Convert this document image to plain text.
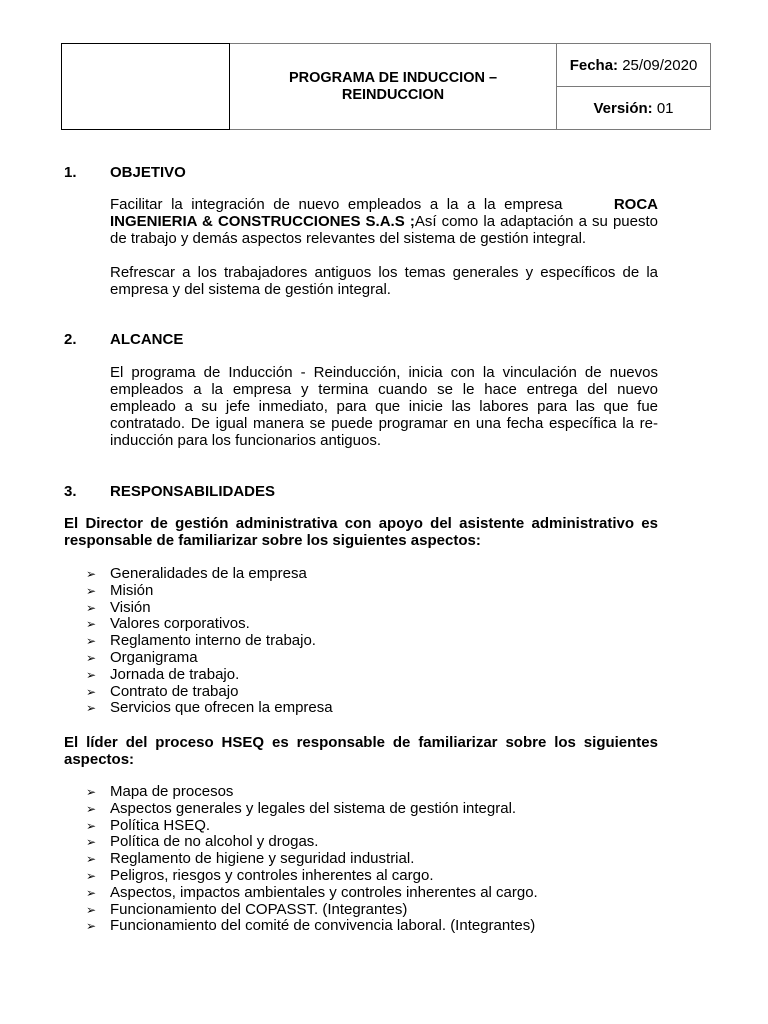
	PROGRAMA DE INDUCCION –
REINDUCCION	Fecha: 25/09/2020
Versión: 01
1. OBJETIVO

Facilitar la integración de nuevo empleados a la a la empresa	ROCA INGENIERIA & CONSTRUCCIONES S.A.S ;Así como la adaptación a su puesto de trabajo y demás aspectos relevantes del sistema de gestión integral.

Refrescar a los trabajadores antiguos los temas generales y específicos de la empresa y del sistema de gestión integral.

2. ALCANCE

El programa de Inducción - Reinducción, inicia con la vinculación de nuevos empleados a la empresa y termina cuando se le hace entrega del nuevo empleado a su jefe inmediato, para que inicie las labores para las que fue contratado. De igual manera se puede programar en una fecha específica la re-inducción para los funcionarios antiguos.

3. RESPONSABILIDADES

El Director de gestión administrativa con apoyo del asistente administrativo es responsable de familiarizar sobre los siguientes aspectos:

➢ Generalidades de la empresa
➢ Misión
➢ Visión
➢ Valores corporativos.
➢ Reglamento interno de trabajo.
➢ Organigrama
➢ Jornada de trabajo.
➢ Contrato de trabajo
➢ Servicios que ofrecen la empresa

El líder del proceso HSEQ es responsable de familiarizar sobre los siguientes aspectos:

➢ Mapa de procesos
➢ Aspectos generales y legales del sistema de gestión integral.
➢ Política HSEQ.
➢ Política de no alcohol y drogas.
➢ Reglamento de higiene y seguridad industrial.
➢ Peligros, riesgos y controles inherentes al cargo.
➢ Aspectos, impactos ambientales y controles inherentes al cargo.
➢ Funcionamiento del COPASST. (Integrantes)
➢ Funcionamiento del comité de convivencia laboral. (Integrantes)
